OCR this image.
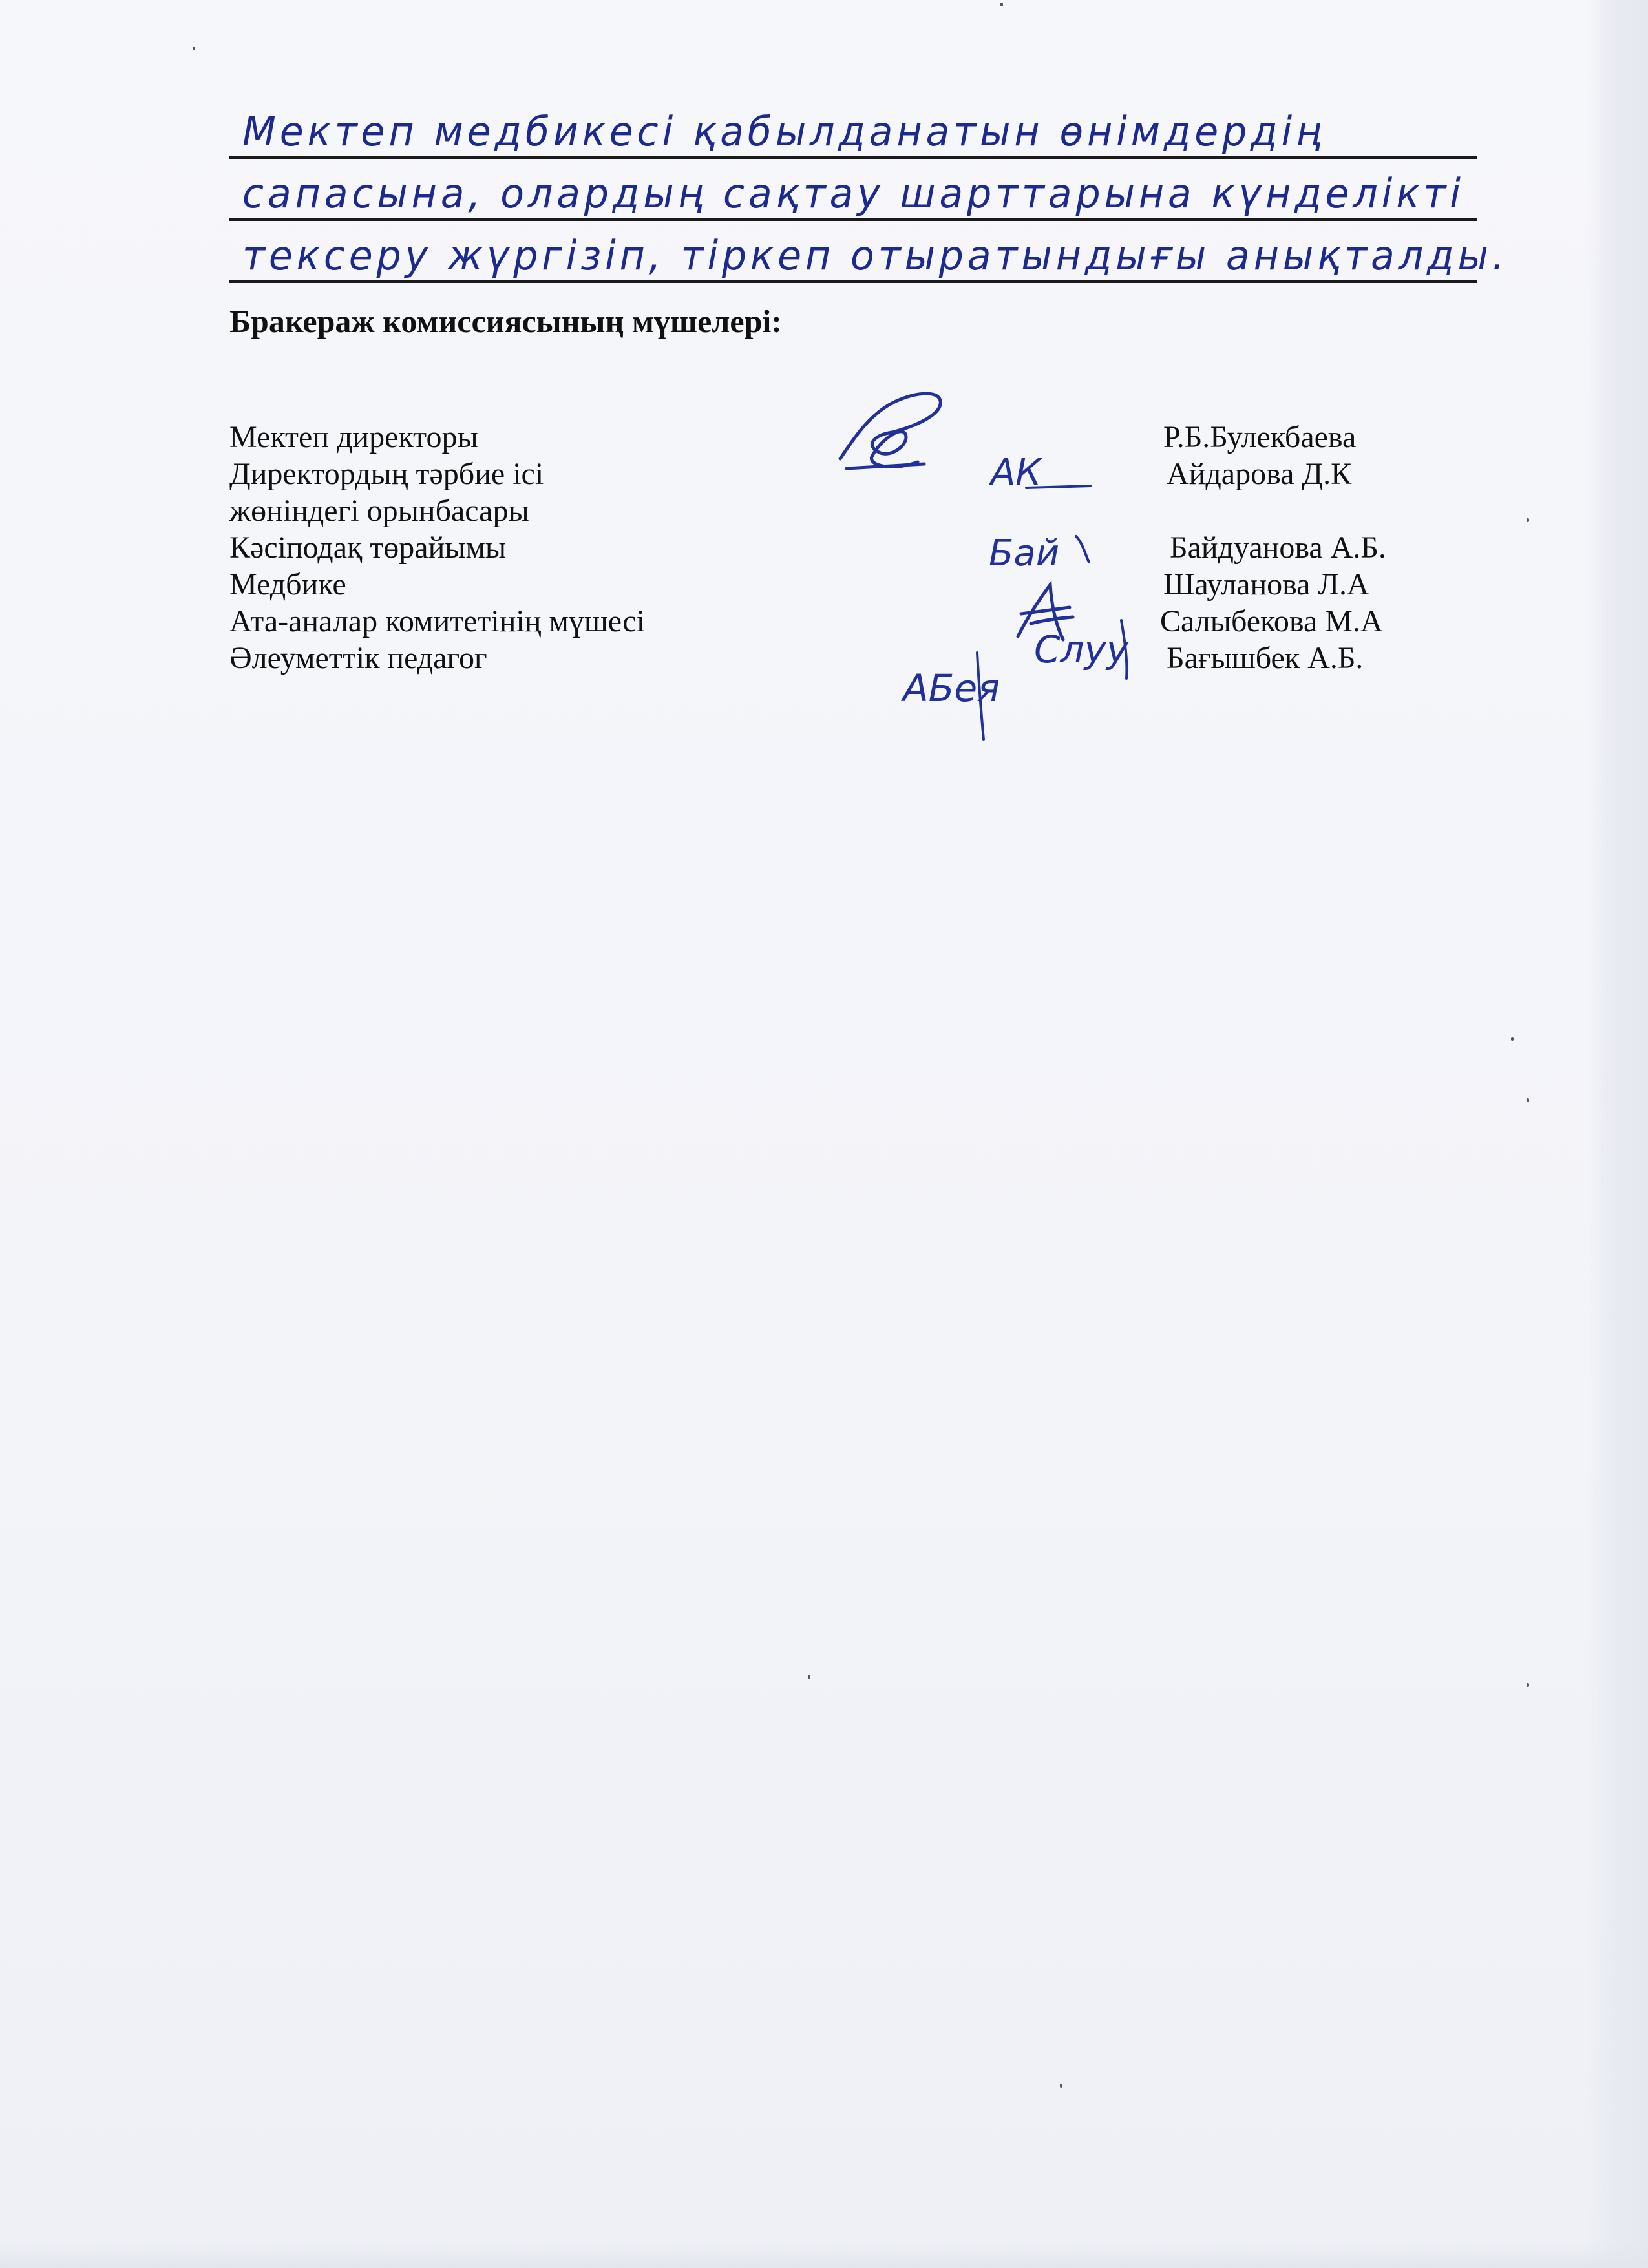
Мектеп медбикесі қабылданатын өнімдердің
сапасына, олардың сақтау шарттарына күнделікті
тексеру жүргізіп, тіркеп отыратындығы анықталды.
Бракераж комиссиясының мүшелері:
Мектеп директоры	Р.Б.Булекбаева
Директордың тәрбие ісі	Айдарова Д.К
жөніндегі орынбасары
Кәсіподақ төрайымы	Байдуанова А.Б.
Медбике	Шауланова Л.А
Ата-аналар комитетінің мүшесі	Салыбекова М.А
Әлеуметтік педагог	Бағышбек А.Б.
АК
Бай
Слуу
АБея
